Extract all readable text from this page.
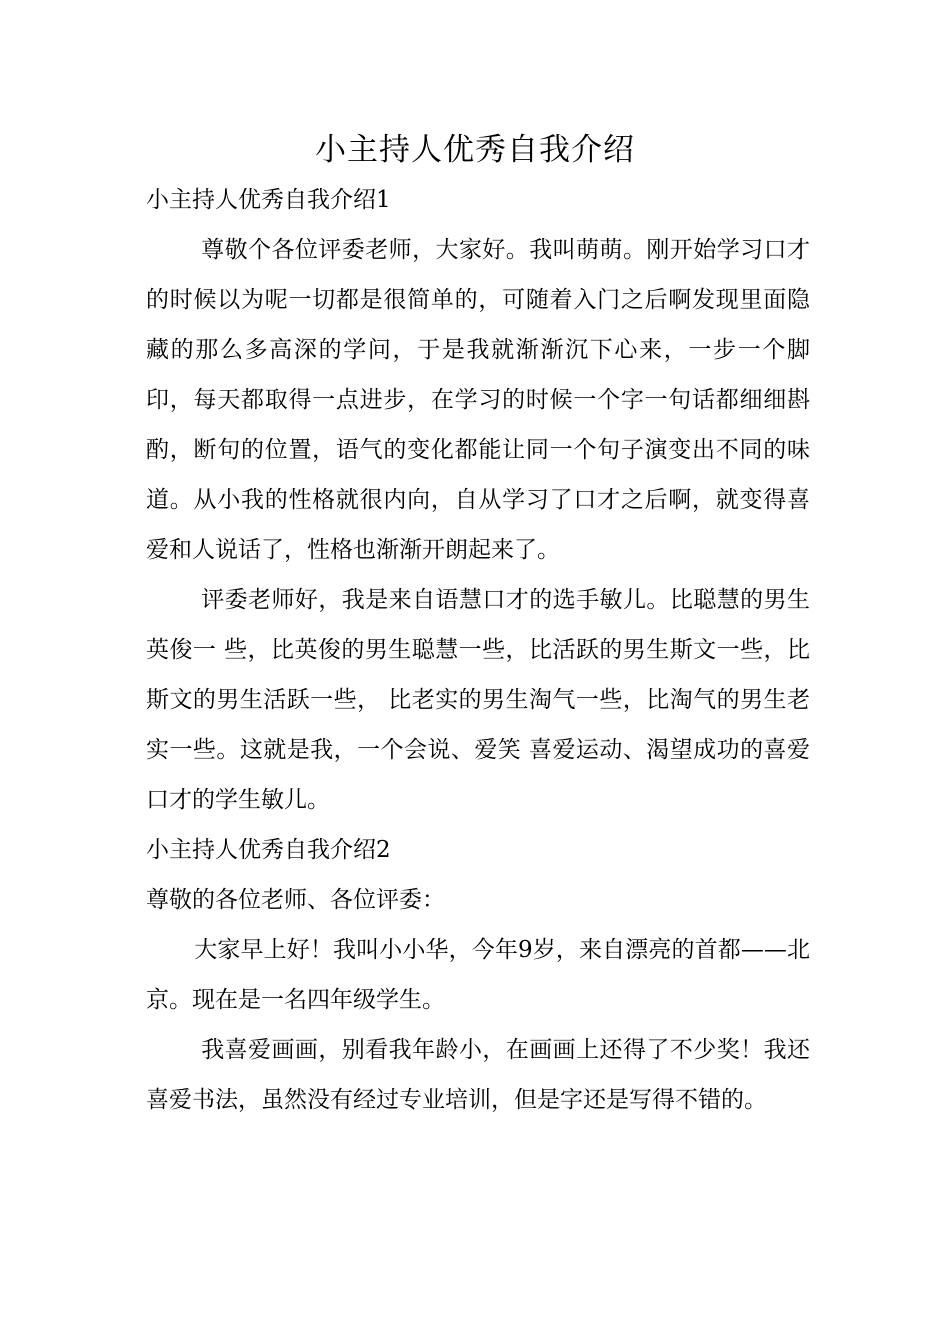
小主持人优秀自我介绍

小主持人优秀自我介绍1

尊敬个各位评委老师，大家好。我叫萌萌。刚开始学习口才的时候以为呢一切都是很简单的，可随着入门之后啊发现里面隐藏的那么多高深的学问，于是我就渐渐沉下心来，一步一个脚印，每天都取得一点进步，在学习的时候一个字一句话都细细斟酌，断句的位置，语气的变化都能让同一个句子演变出不同的味道。从小我的性格就很内向，自从学习了口才之后啊，就变得喜爱和人说话了，性格也渐渐开朗起来了。

评委老师好，我是来自语慧口才的选手敏儿。比聪慧的男生英俊一 些，比英俊的男生聪慧一些，比活跃的男生斯文一些，比斯文的男生活跃一些， 比老实的男生淘气一些，比淘气的男生老实一些。这就是我，一个会说、爱笑 喜爱运动、渴望成功的喜爱口才的学生敏儿。

小主持人优秀自我介绍2

尊敬的各位老师、各位评委：

大家早上好！我叫小小华，今年9岁，来自漂亮的首都——北京。现在是一名四年级学生。

我喜爱画画，别看我年龄小，在画画上还得了不少奖！我还喜爱书法，虽然没有经过专业培训，但是字还是写得不错的。
